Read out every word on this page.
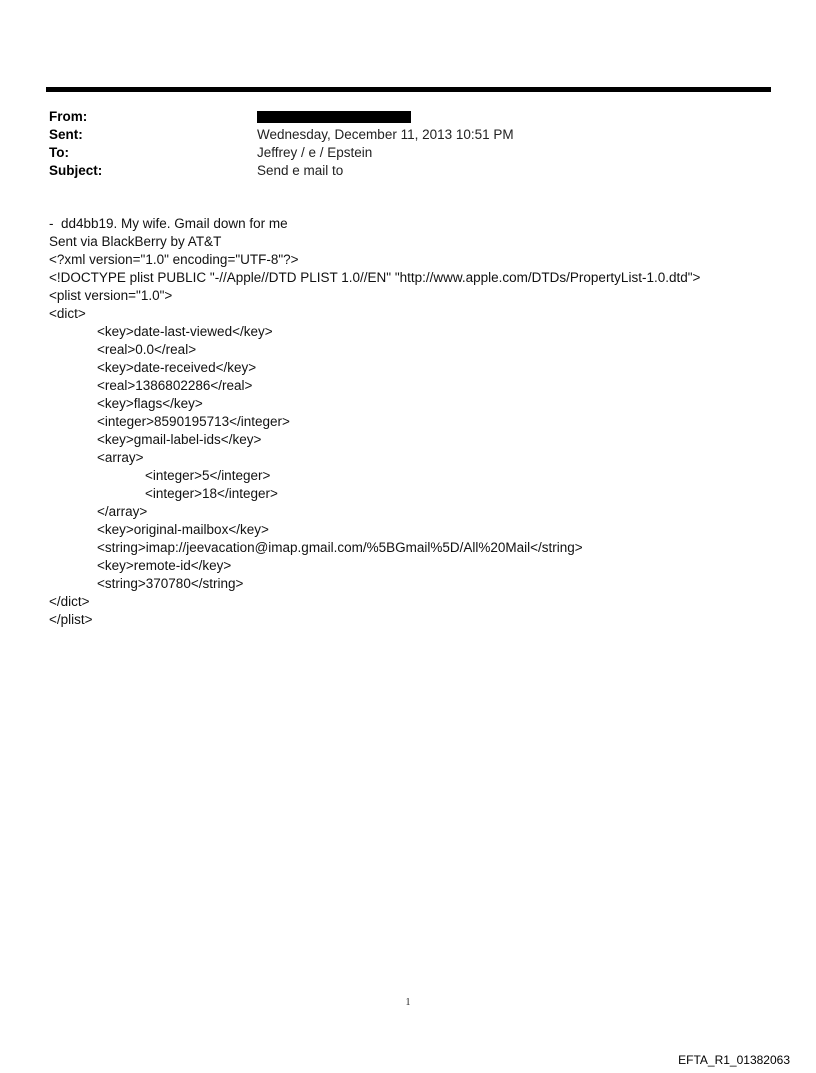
From:
Sent:	Wednesday, December 11, 2013 10:51 PM
To:	Jeffrey / e / Epstein
Subject:	Send e mail to
-  dd4bb19. My wife. Gmail down for me
Sent via BlackBerry by AT&T
<?xml version="1.0" encoding="UTF-8"?>
<!DOCTYPE plist PUBLIC "-//Apple//DTD PLIST 1.0//EN" "http://www.apple.com/DTDs/PropertyList-1.0.dtd">
<plist version="1.0">
<dict>
<key>date-last-viewed</key>
<real>0.0</real>
<key>date-received</key>
<real>1386802286</real>
<key>flags</key>
<integer>8590195713</integer>
<key>gmail-label-ids</key>
<array>
<integer>5</integer>
<integer>18</integer>
</array>
<key>original-mailbox</key>
<string>imap://jeevacation@imap.gmail.com/%5BGmail%5D/All%20Mail</string>
<key>remote-id</key>
<string>370780</string>
</dict>
</plist>
1
EFTA_R1_01382063
